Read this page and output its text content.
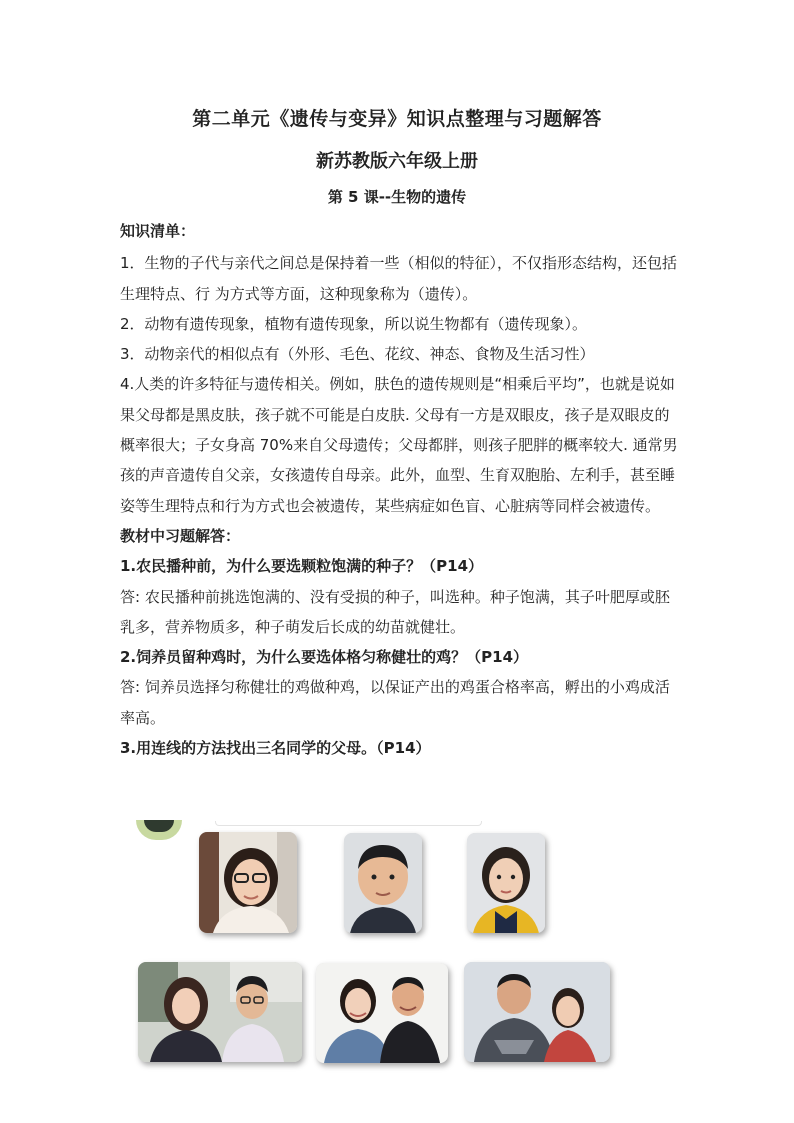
第二单元《遗传与变异》知识点整理与习题解答
新苏教版六年级上册
第 5 课--生物的遗传

知识清单：

1．生物的子代与亲代之间总是保持着一些（相似的特征），不仅指形态结构，还包括生理特点、行 为方式等方面，这种现象称为（遗传）。

2．动物有遗传现象，植物有遗传现象，所以说生物都有（遗传现象）。

3．动物亲代的相似点有（外形、毛色、花纹、神态、食物及生活习性）

4.人类的许多特征与遗传相关。例如，肤色的遗传规则是“相乘后平均”，也就是说如果父母都是黑皮肤，孩子就不可能是白皮肤. 父母有一方是双眼皮，孩子是双眼皮的概率很大；子女身高 70%来自父母遗传；父母都胖，则孩子肥胖的概率较大. 通常男孩的声音遗传自父亲，女孩遗传自母亲。此外，血型、生育双胞胎、左利手，甚至睡姿等生理特点和行为方式也会被遗传，某些病症如色盲、心脏病等同样会被遗传。

教材中习题解答：

1.农民播种前，为什么要选颗粒饱满的种子？（P14）

答: 农民播种前挑选饱满的、没有受损的种子，叫选种。种子饱满，其子叶肥厚或胚乳多，营养物质多，种子萌发后长成的幼苗就健壮。

2.饲养员留种鸡时，为什么要选体格匀称健壮的鸡？（P14）

答: 饲养员选择匀称健壮的鸡做种鸡，以保证产出的鸡蛋合格率高，孵出的小鸡成活率高。

3.用连线的方法找出三名同学的父母。（P14）
